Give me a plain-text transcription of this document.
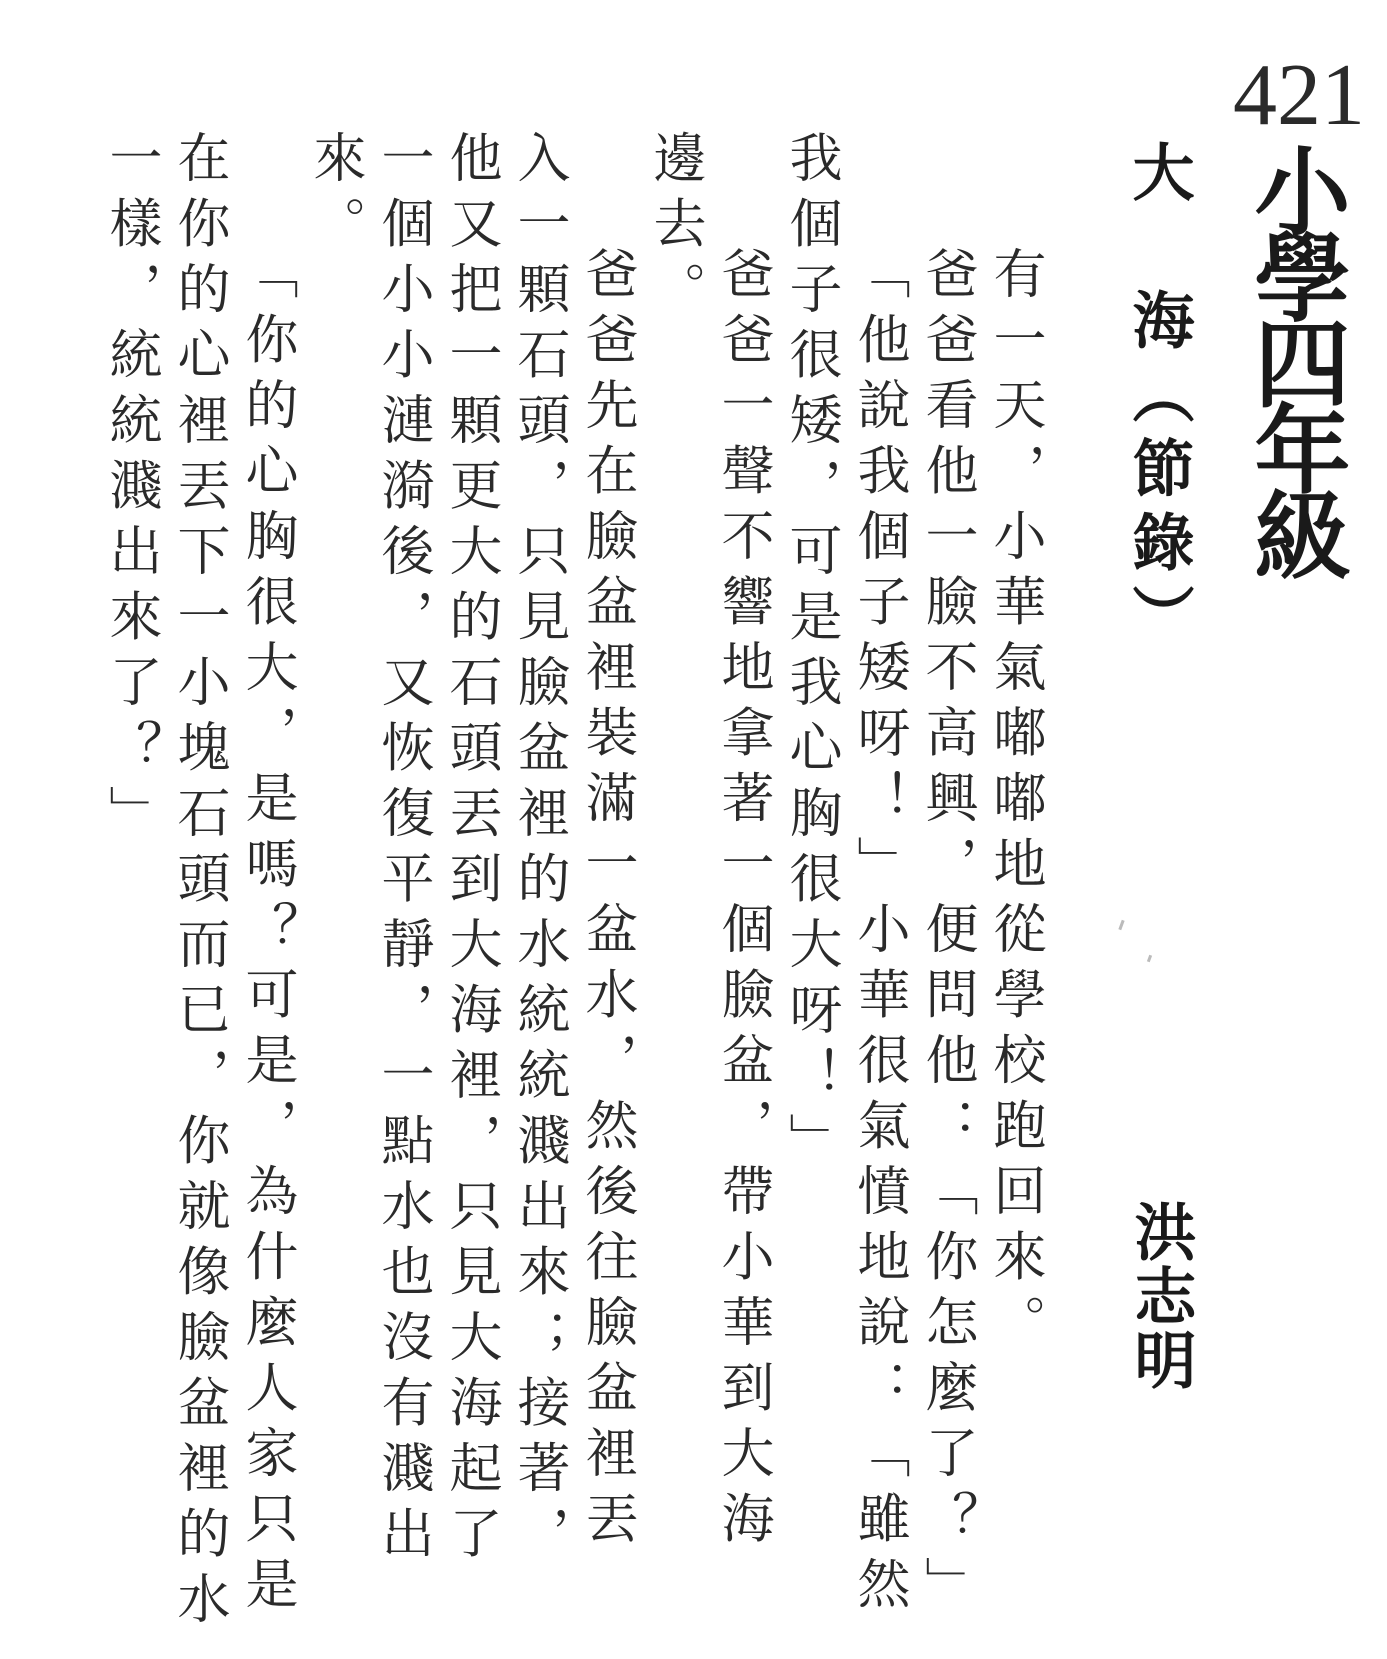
421
小學四年級
大　海（節錄）
洪志明
有一天，小華氣嘟嘟地從學校跑回來。
爸爸看他一臉不高興，便問他：「你怎麼了？」
「他說我個子矮呀！」小華很氣憤地說：「雖然
我個子很矮，可是我心胸很大呀！」
爸爸一聲不響地拿著一個臉盆，帶小華到大海
邊去。
爸爸先在臉盆裡裝滿一盆水，然後往臉盆裡丟
入一顆石頭，只見臉盆裡的水統統濺出來；接著，
他又把一顆更大的石頭丟到大海裡，只見大海起了
一個小小漣漪後，又恢復平靜，一點水也沒有濺出
來。
「你的心胸很大，是嗎？可是，為什麼人家只是
在你的心裡丟下一小塊石頭而已，你就像臉盆裡的水
一樣，統統濺出來了？」
